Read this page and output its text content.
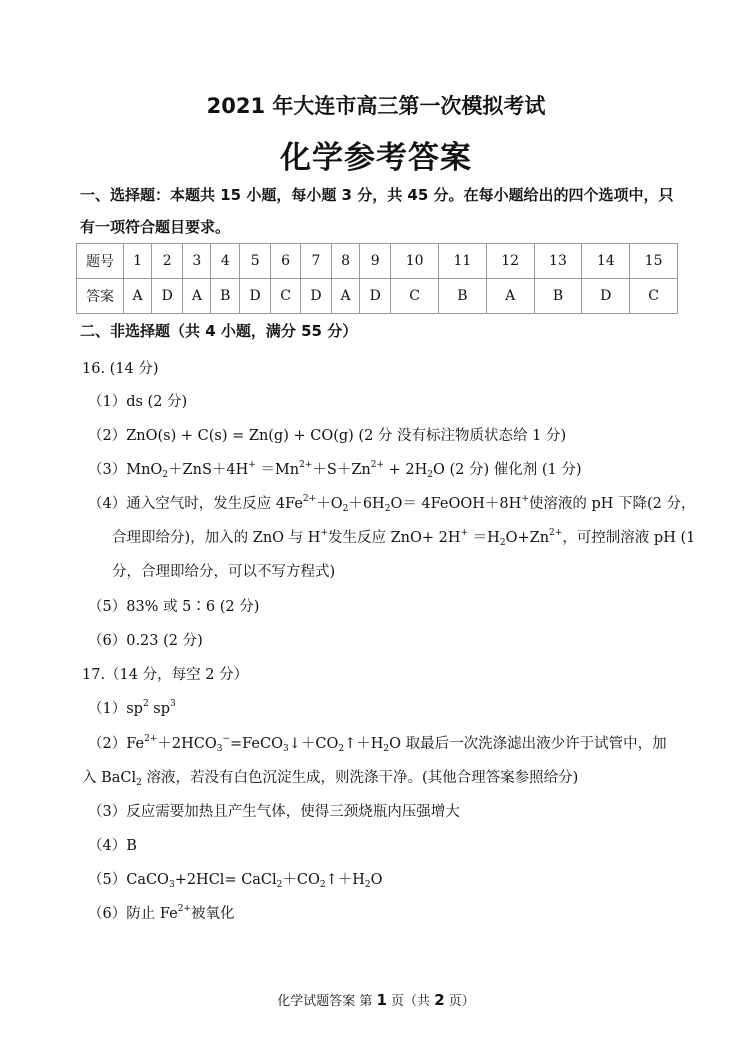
2021 年大连市高三第一次模拟考试
化学参考答案
一、选择题：本题共 15 小题，每小题 3 分，共 45 分。在每小题给出的四个选项中，只
有一项符合题目要求。
题号	1	2	3	4	5	6	7	8	9	10	11	12	13	14	15
答案	A	D	A	B	D	C	D	A	D	C	B	A	B	D	C
二、非选择题（共 4 小题，满分 55 分）
16. (14 分)
（1）ds (2 分)
（2）ZnO(s) + C(s) = Zn(g) + CO(g) (2 分 没有标注物质状态给 1 分)
$(3)MnO_2+ZnS+4H^+ =Mn^{2+}+S+Zn^{2+} + 2H_2O$ (2 分) 催化剂 (1 分)
（4）通入空气时，发生反应 $4Fe^{2+}+O_2+6H_2O=$ 4FeOOH＋8H+使溶液的 pH 下降(2 分，
合理即给分)，加入的 ZnO 与 H+发生反应 $ZnO+ 2H^+ =H_2O+Zn^{2+}$，可控制溶液 pH (1
分，合理即给分，可以不写方程式)
（5）83% 或 5∶6 (2 分)
（6）0.23 (2 分)
17.（14 分，每空 2 分）
$(1)sp^2$ $sp^3$
$(2)Fe^{2+}+2HCO_3^-=FeCO_3↓+CO_2↑+H_2O$ 取最后一次洗涤滤出液少许于试管中，加
入 BaCl$_2$ 溶液，若没有白色沉淀生成，则洗涤干净。(其他合理答案参照给分)
（3）反应需要加热且产生气体，使得三颈烧瓶内压强增大
（4）B
（5）CaCO$_3$+2HCl= $CaCl_2+CO_2↑+H_2O$
（6）防止 $Fe^{2+}$被氧化
化学试题答案 第 1 页（共 2 页）
